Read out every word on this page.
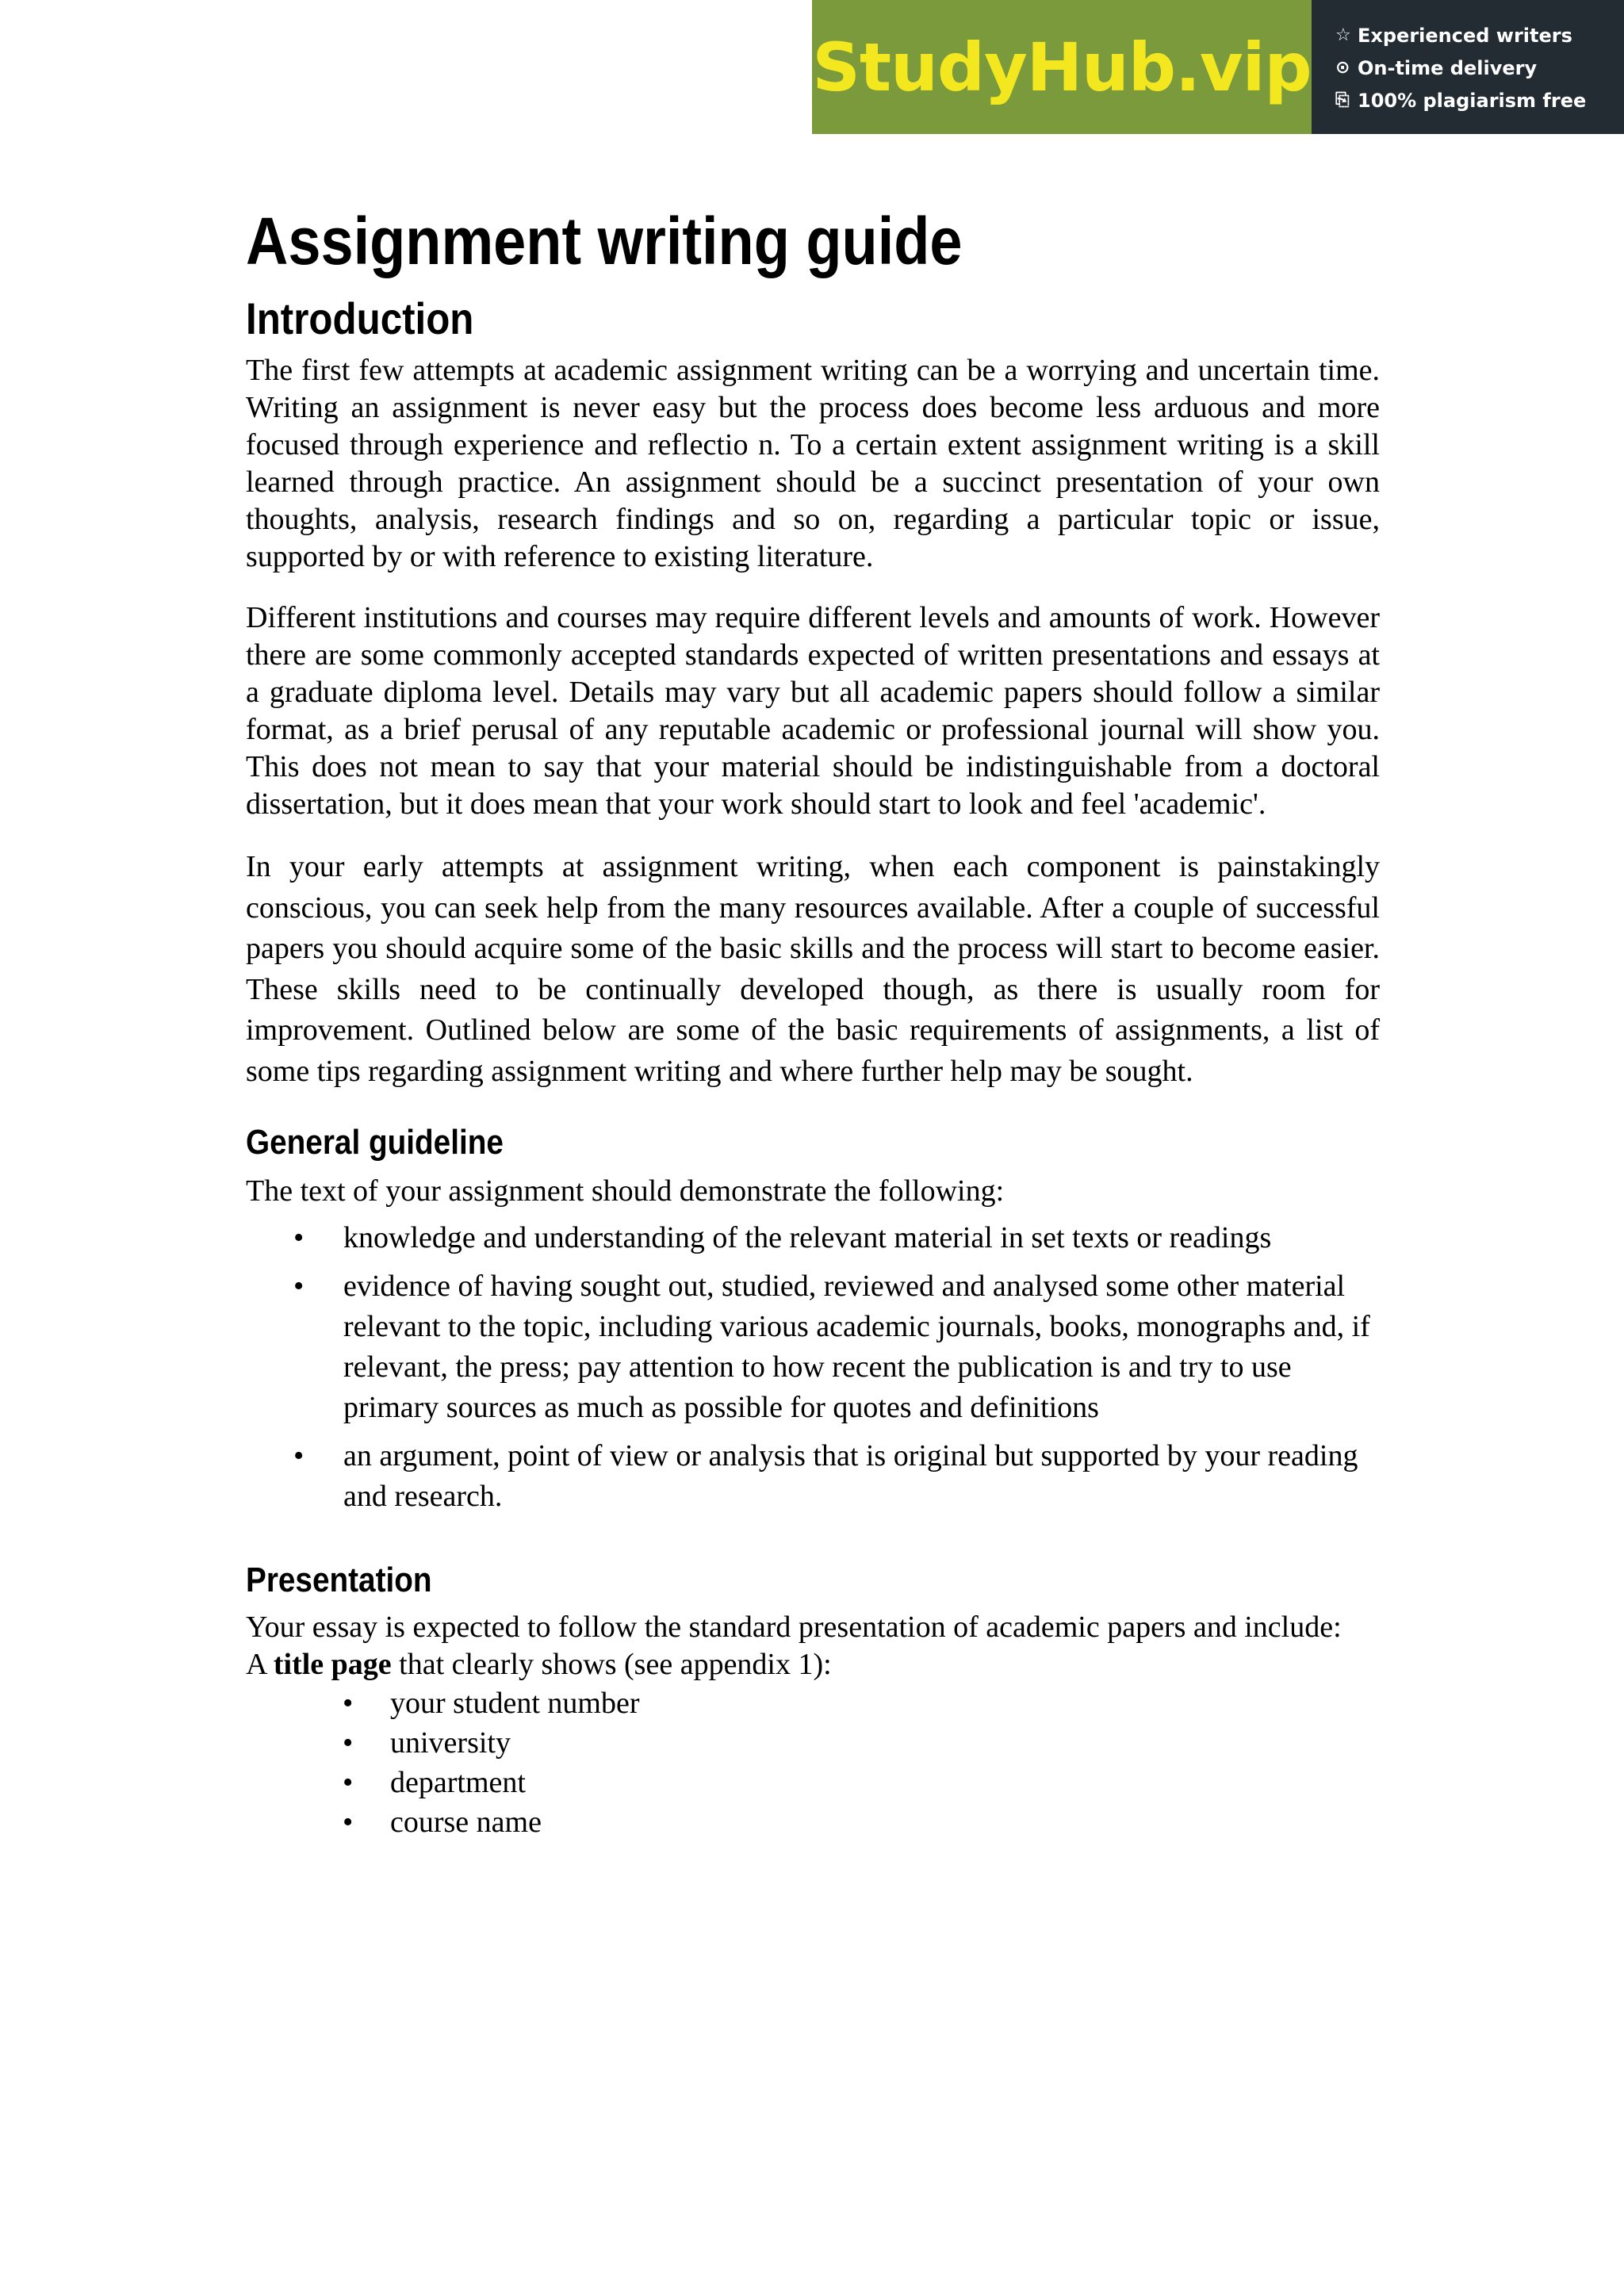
StudyHub.vip ☆ Experienced writers
⊙ On-time delivery
⎘ 100% plagiarism free
Assignment writing guide
Introduction

The first few attempts at academic assignment writing can be a worrying and uncertain time. Writing an assignment is never easy but the process does become less arduous and more focused through experience and reflectio n. To a certain extent assignment writing is a skill learned through practice. An assignment should be a succinct presentation of your own thoughts, analysis, research findings and so on, regarding a particular topic or issue, supported by or with reference to existing literature.

Different institutions and courses may require different levels and amounts of work. However there are some commonly accepted standards expected of written presentations and essays at a graduate diploma level. Details may vary but all academic papers should follow a similar format, as a brief perusal of any reputable academic or professional journal will show you. This does not mean to say that your material should be indistinguishable from a doctoral dissertation, but it does mean that your work should start to look and feel 'academic'.

In your early attempts at assignment writing, when each component is painstakingly conscious, you can seek help from the many resources available. After a couple of successful papers you should acquire some of the basic skills and the process will start to become easier. These skills need to be continually developed though, as there is usually room for improvement. Outlined below are some of the basic requirements of assignments, a list of some tips regarding assignment writing and where further help may be sought.

General guideline

The text of your assignment should demonstrate the following:

• knowledge and understanding of the relevant material in set texts or readings
• evidence of having sought out, studied, reviewed and analysed some other material relevant to the topic, including various academic journals, books, monographs and, if relevant, the press; pay attention to how recent the publication is and try to use primary sources as much as possible for quotes and definitions
• an argument, point of view or analysis that is original but supported by your reading and research.
Presentation

Your essay is expected to follow the standard presentation of academic papers and include:

A title page that clearly shows (see appendix 1):

• your student number
• university
• department
• course name
